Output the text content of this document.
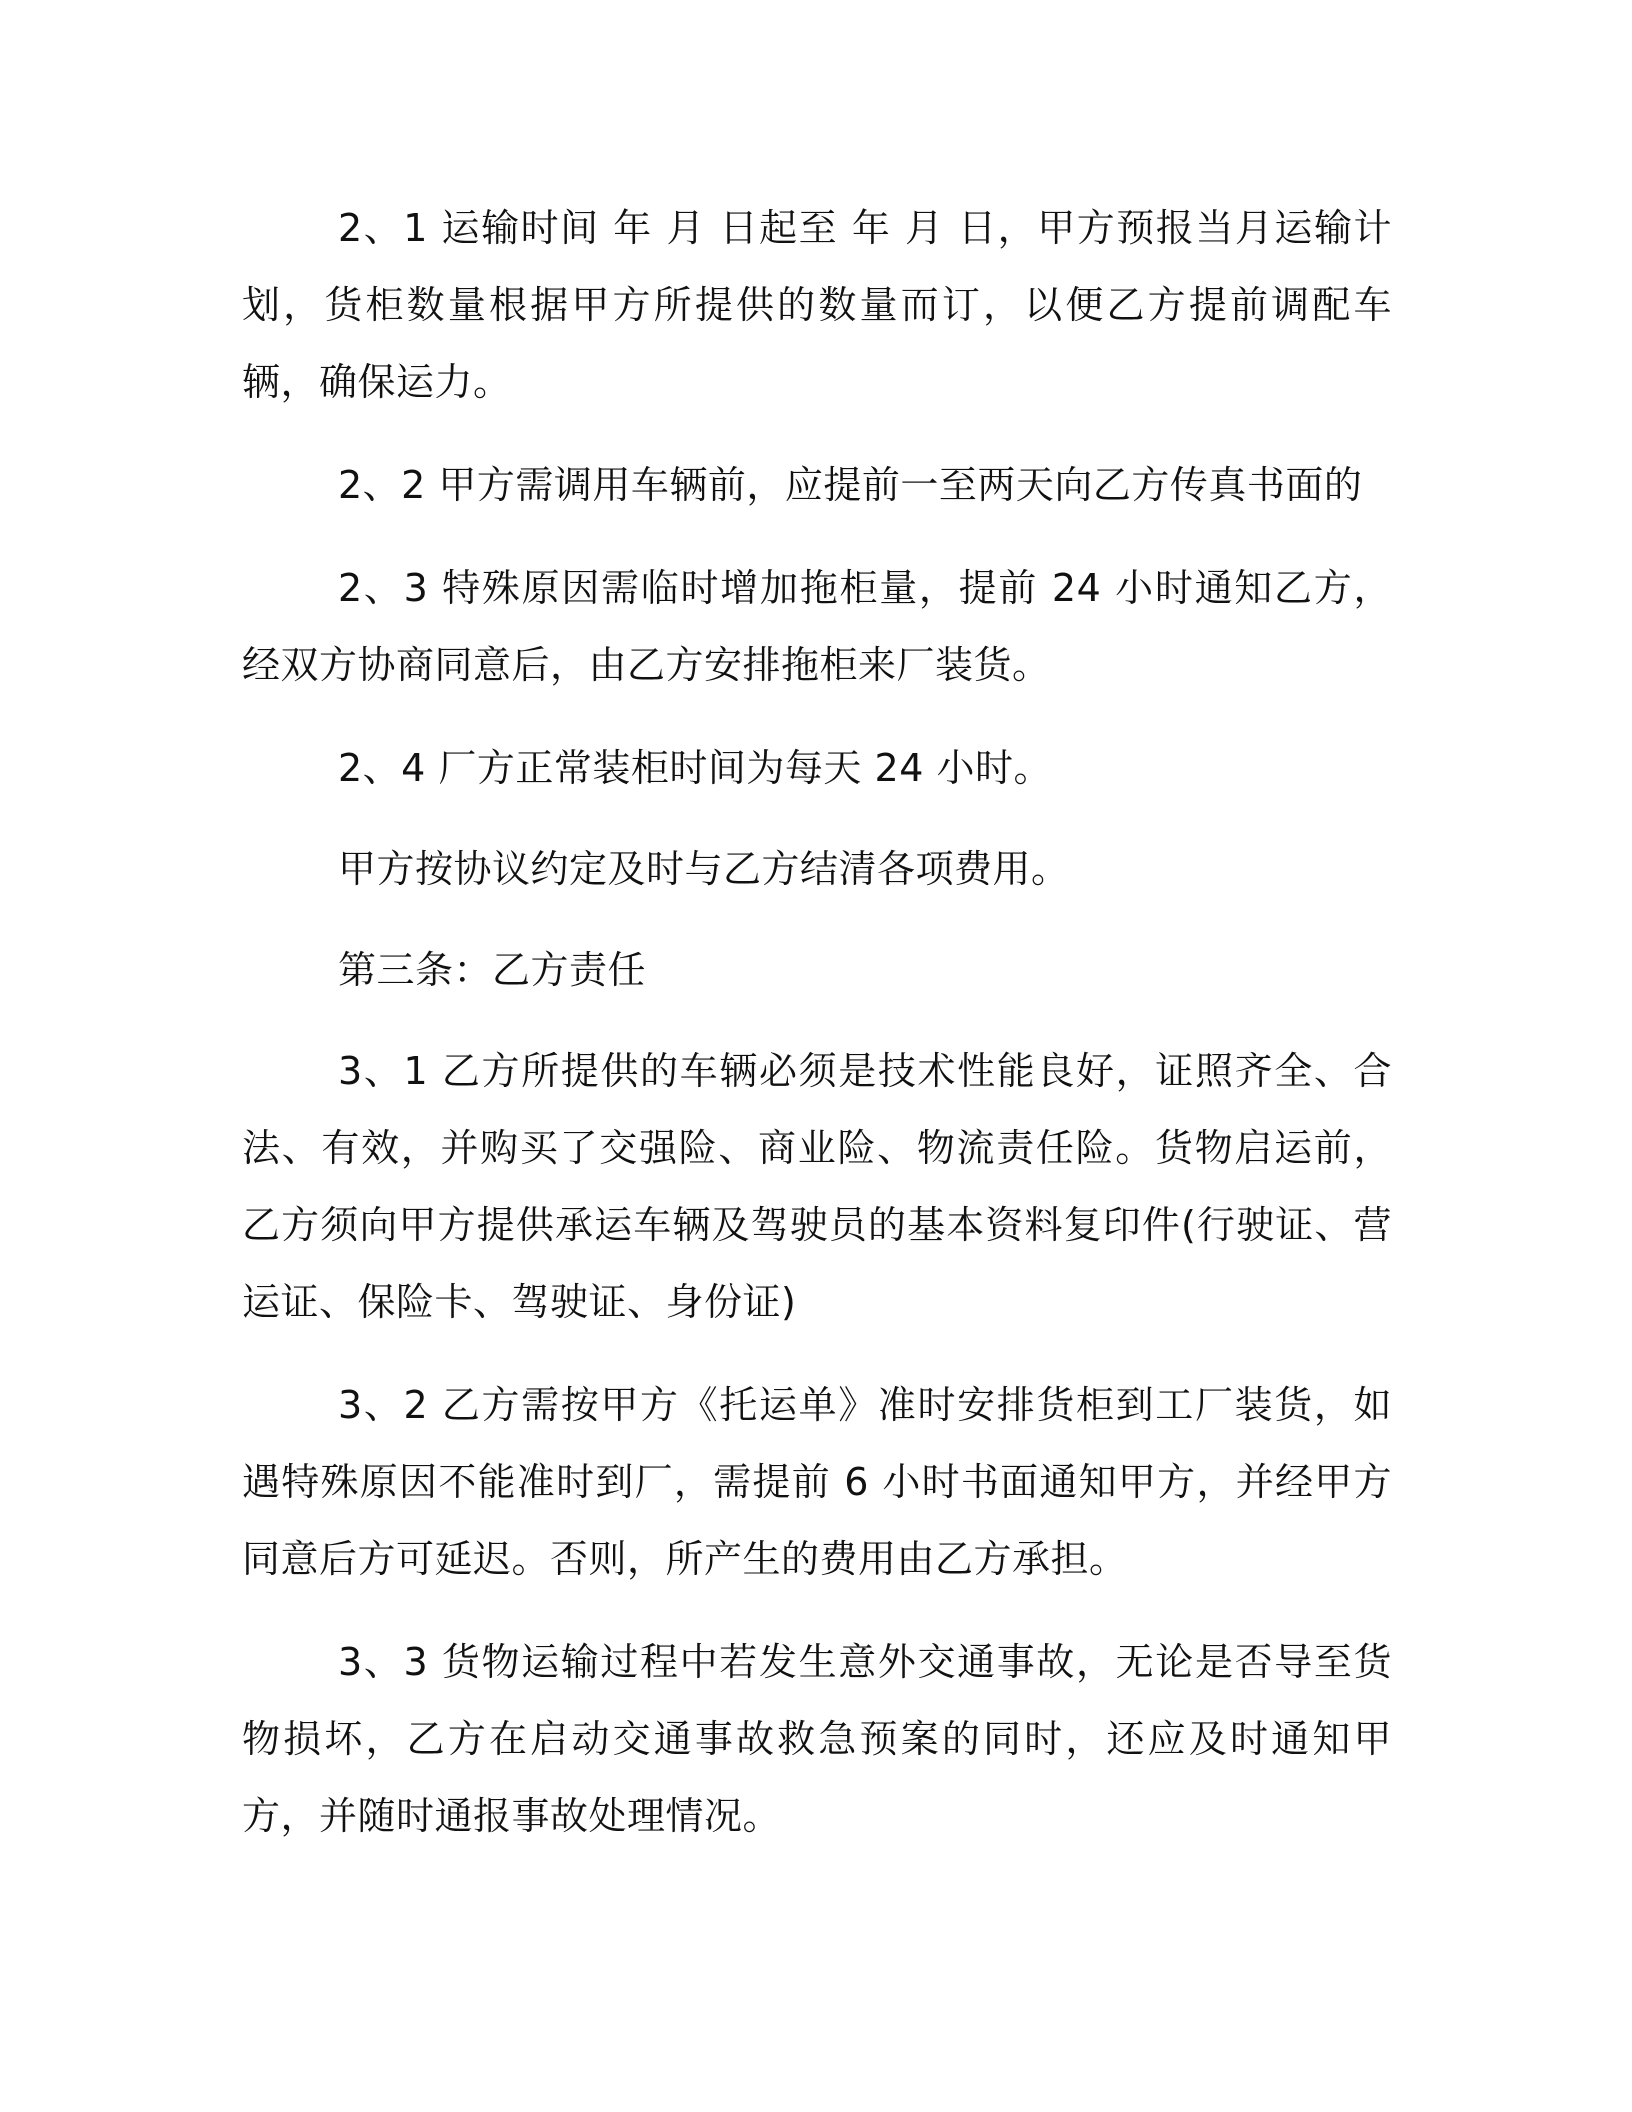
2、1 运输时间 年 月 日起至 年 月 日，甲方预报当月运输计划，货柜数量根据甲方所提供的数量而订，以便乙方提前调配车辆，确保运力。

2、2 甲方需调用车辆前，应提前一至两天向乙方传真书面的

2、3 特殊原因需临时增加拖柜量，提前 24 小时通知乙方，经双方协商同意后，由乙方安排拖柜来厂装货。

2、4 厂方正常装柜时间为每天 24 小时。

甲方按协议约定及时与乙方结清各项费用。

第三条：乙方责任

3、1 乙方所提供的车辆必须是技术性能良好，证照齐全、合法、有效，并购买了交强险、商业险、物流责任险。货物启运前，乙方须向甲方提供承运车辆及驾驶员的基本资料复印件(行驶证、营运证、保险卡、驾驶证、身份证)

3、2 乙方需按甲方《托运单》准时安排货柜到工厂装货，如遇特殊原因不能准时到厂，需提前 6 小时书面通知甲方，并经甲方同意后方可延迟。否则，所产生的费用由乙方承担。

3、3 货物运输过程中若发生意外交通事故，无论是否导至货物损坏，乙方在启动交通事故救急预案的同时，还应及时通知甲方，并随时通报事故处理情况。
